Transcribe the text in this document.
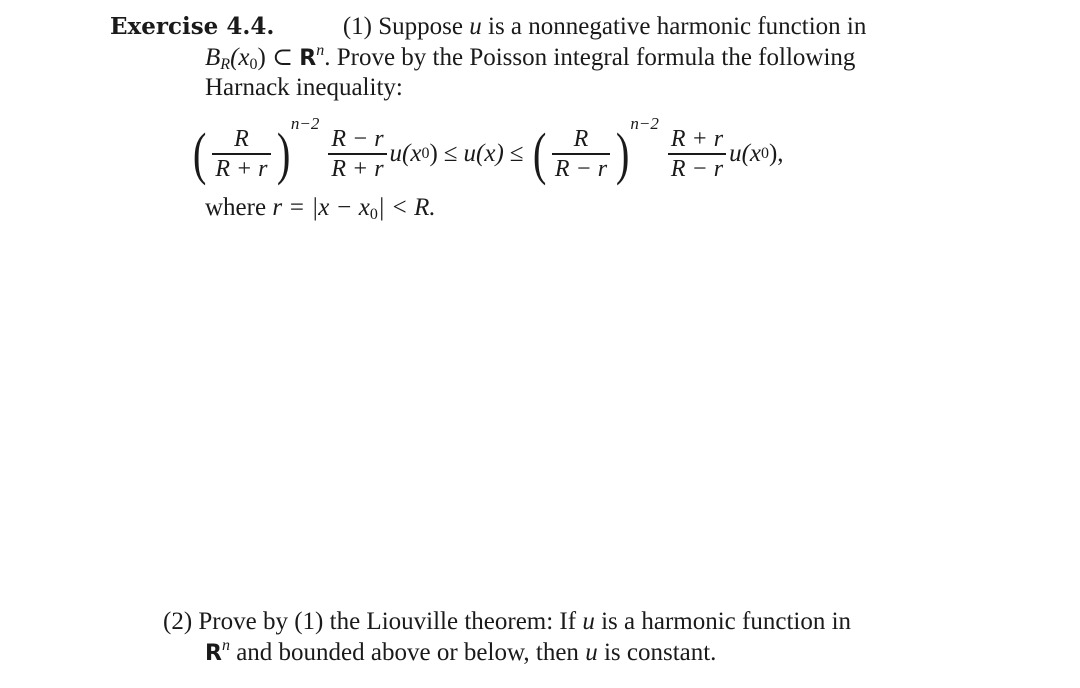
Exercise 4.4.	(1) Suppose u is a nonnegative harmonic function in
$B_R(x_0)$ ⊂ $R^n$. Prove by the Poisson integral formula the following
Harnack inequality:
( $\frac{R}{R + r}$ ) n−2
$\frac{R - r}{R + r} u(x$ 0 ) ≤ u(x) ≤ ( $\frac{R}{R - r}$ ) n−2
$\frac{R + r}{R - r} u(x$ 0 ),
where $r = |x - x_0| < R$.
(2) Prove by (1) the Liouville theorem: If u is a harmonic function in
$R^n$ and bounded above or below, then u is constant.
